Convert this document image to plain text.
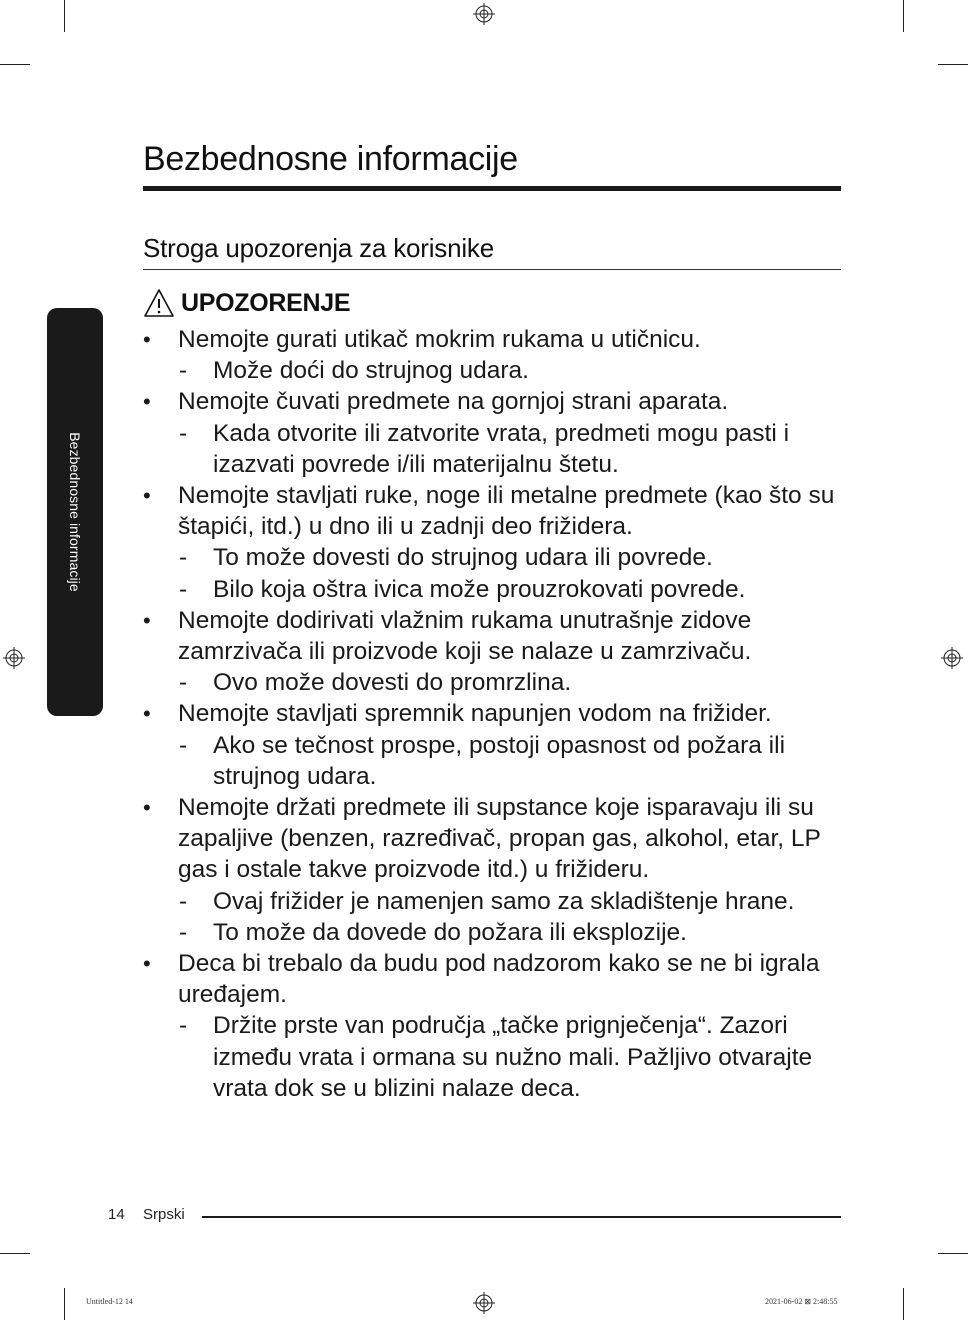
Bezbednosne informacije
Bezbednosne informacije
Stroga upozorenja za korisnike
UPOZORENJE
•	Nemojte gurati utikač mokrim rukama u utičnicu.
- Može doći do strujnog udara.
•	Nemojte čuvati predmete na gornjoj strani aparata.
- Kada otvorite ili zatvorite vrata, predmeti mogu pasti i izazvati povrede i/ili materijalnu štetu.
•	Nemojte stavljati ruke, noge ili metalne predmete (kao što su štapići, itd.) u dno ili u zadnji deo frižidera.
- To može dovesti do strujnog udara ili povrede.
- Bilo koja oštra ivica može prouzrokovati povrede.
•	Nemojte dodirivati vlažnim rukama unutrašnje zidove zamrzivača ili proizvode koji se nalaze u zamrzivaču.
- Ovo može dovesti do promrzlina.
•	Nemojte stavljati spremnik napunjen vodom na frižider.
- Ako se tečnost prospe, postoji opasnost od požara ili strujnog udara.
•	Nemojte držati predmete ili supstance koje isparavaju ili su zapaljive (benzen, razređivač, propan gas, alkohol, etar, LP gas i ostale takve proizvode itd.) u frižideru.
- Ovaj frižider je namenjen samo za skladištenje hrane.
- To može da dovede do požara ili eksplozije.
•	Deca bi trebalo da budu pod nadzorom kako se ne bi igrala uređajem.
- Držite prste van područja „tačke prignječenja“. Zazori između vrata i ormana su nužno mali. Pažljivo otvarajte vrata dok se u blizini nalaze deca.
14 Srpski
Untitled-12 14	2021-06-02 ⊠ 2:48:55
